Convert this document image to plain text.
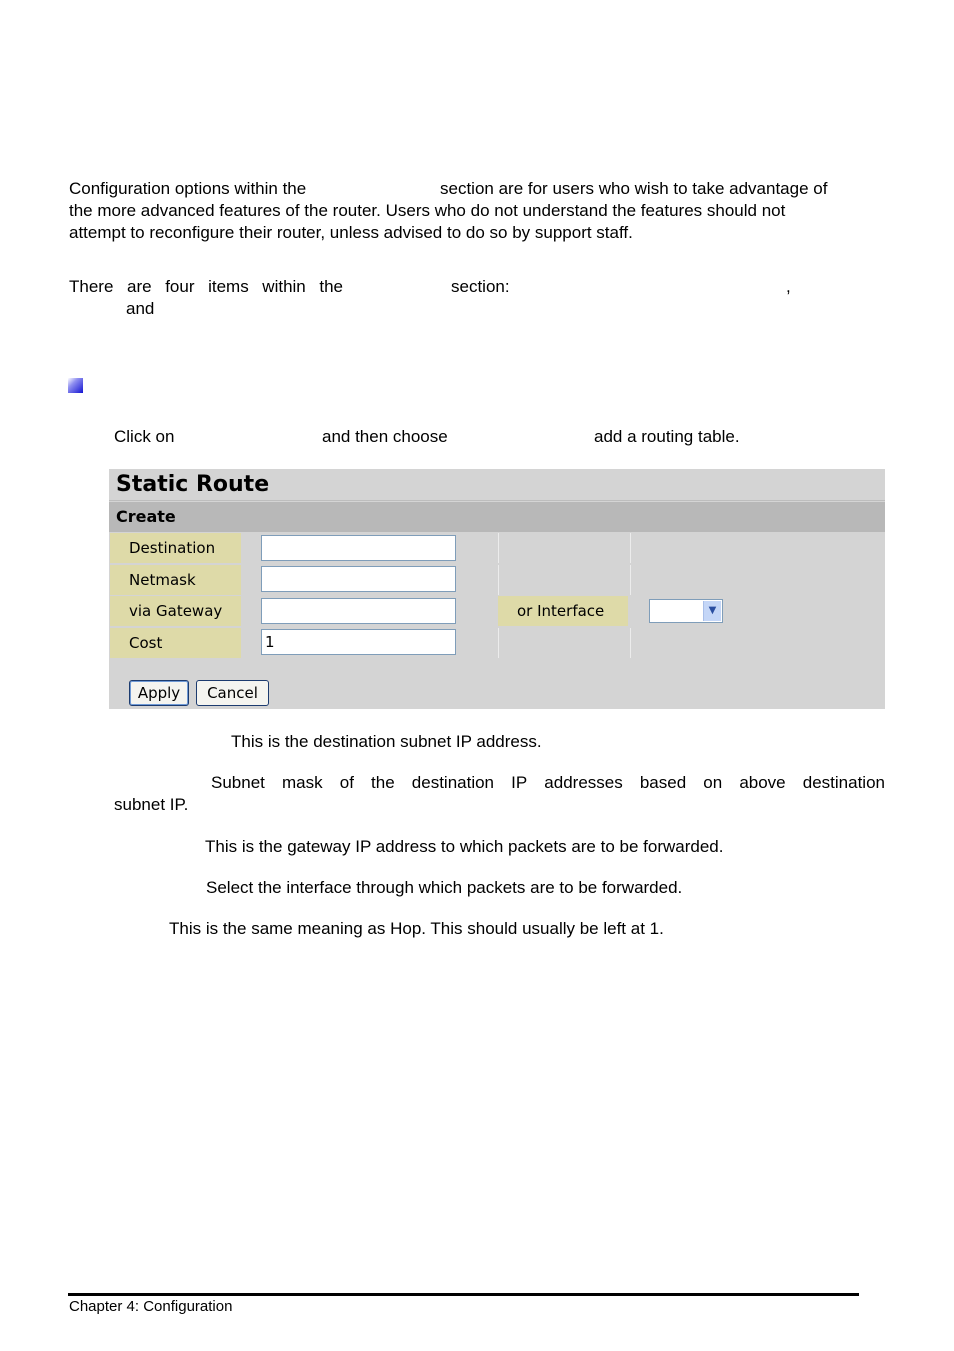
Configuration options within the	section are for users who wish to take advantage of
the more advanced features of the router. Users who do not understand the features should not
attempt to reconfigure their router, unless advised to do so by support staff.
There are four items within the	section:	,
and
Click on	and then choose	add a routing table.
Static Route
Create
Destination
Netmask
via Gateway	or Interface	▼
Cost	1
Apply	Cancel
This is the destination subnet IP address.
Subnet mask of the destination IP addresses based on above destination
subnet IP.
This is the gateway IP address to which packets are to be forwarded.
Select the interface through which packets are to be forwarded.
This is the same meaning as Hop. This should usually be left at 1.
Chapter 4: Configuration
